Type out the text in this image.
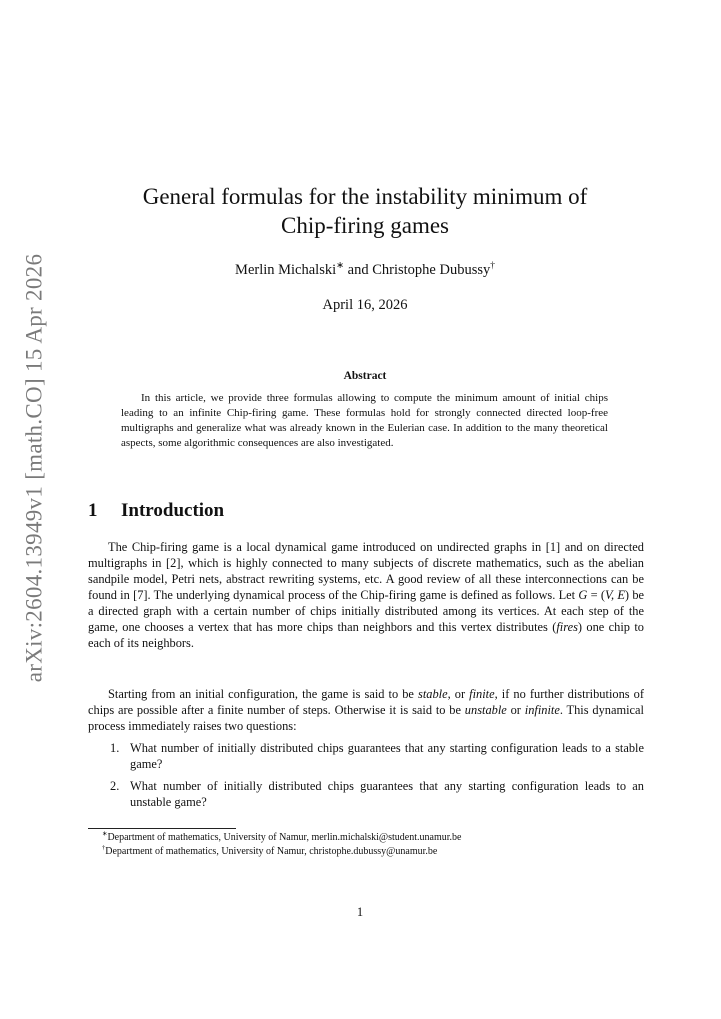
arXiv:2604.13949v1 [math.CO] 15 Apr 2026
General formulas for the instability minimum of
Chip-firing games
Merlin Michalski∗ and Christophe Dubussy†
April 16, 2026
Abstract

In this article, we provide three formulas allowing to compute the minimum amount of initial chips leading to an infinite Chip-firing game. These formulas hold for strongly connected directed loop-free multigraphs and generalize what was already known in the Eulerian case. In addition to the many theoretical aspects, some algorithmic consequences are also investigated.

1 Introduction

The Chip-firing game is a local dynamical game introduced on undirected graphs in [1] and on directed multigraphs in [2], which is highly connected to many subjects of discrete mathematics, such as the abelian sandpile model, Petri nets, abstract rewriting systems, etc. A good review of all these interconnections can be found in [7]. The underlying dynamical process of the Chip-firing game is defined as follows. Let G = (V, E) be a directed graph with a certain number of chips initially distributed among its vertices. At each step of the game, one chooses a vertex that has more chips than neighbors and this vertex distributes (fires) one chip to each of its neighbors.

Starting from an initial configuration, the game is said to be stable, or finite, if no further distributions of chips are possible after a finite number of steps. Otherwise it is said to be unstable or infinite. This dynamical process immediately raises two questions:

1. What number of initially distributed chips guarantees that any starting configuration leads to a stable game?
2. What number of initially distributed chips guarantees that any starting configuration leads to an unstable game?
∗Department of mathematics, University of Namur, merlin.michalski@student.unamur.be
†Department of mathematics, University of Namur, christophe.dubussy@unamur.be
1
